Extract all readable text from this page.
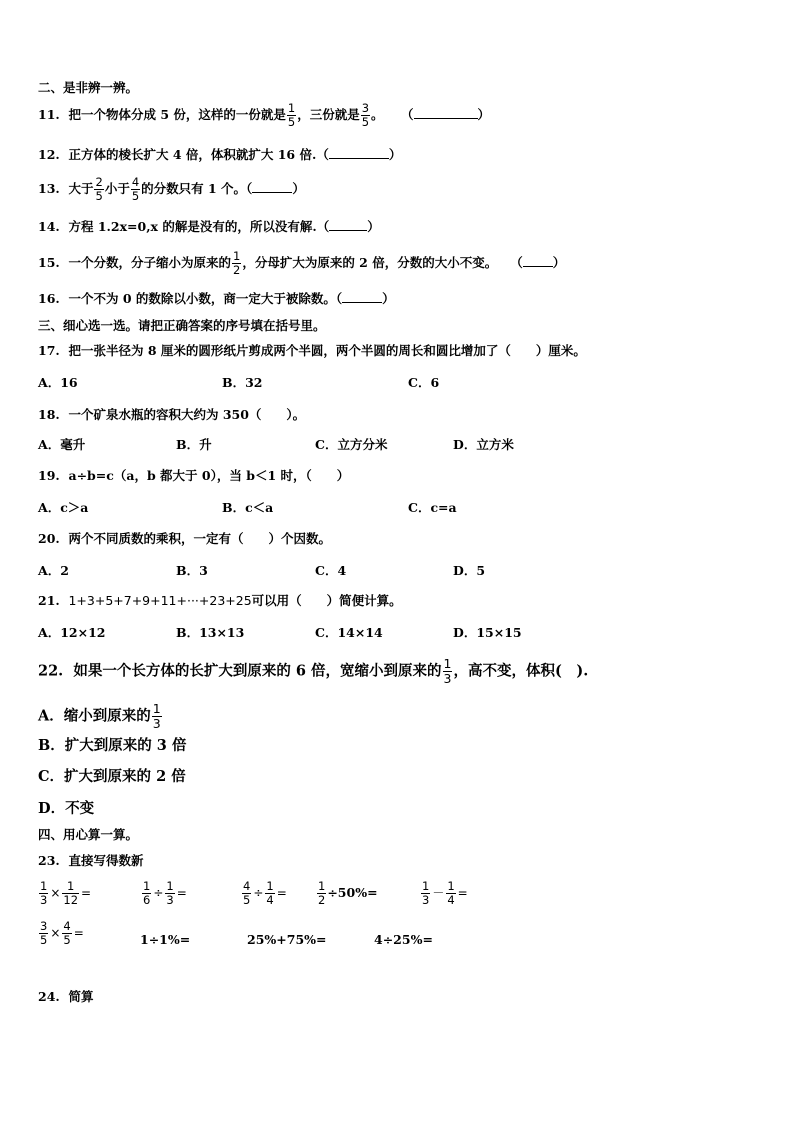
二、是非辨一辨。
11. 把一个物体分成 5 份，这样的一份就是 $\frac{1}{5}$ ，三份就是 $\frac{3}{5}$ 。 （	）
12. 正方体的棱长扩大 4 倍，体积就扩大 16 倍.（	）
13. 大于 $\frac{2}{5}$ 小于 $\frac{4}{5}$ 的分数只有 1 个。（	）
14. 方程 1.2x=0,x 的解是没有的，所以没有解.（	）
15. 一个分数，分子缩小为原来的 $\frac{1}{2}$ ，分母扩大为原来的 2 倍，分数的大小不变。 （ ）
16. 一个不为 0 的数除以小数，商一定大于被除数。（	）
三、细心选一选。请把正确答案的序号填在括号里。
17. 把一张半径为 8 厘米的圆形纸片剪成两个半圆，两个半圆的周长和圆比增加了（　　）厘米。
A．16	B．32	C．6
18. 一个矿泉水瓶的容积大约为 350（　　）。
A．毫升	B．升	C．立方分米	D．立方米
19. a÷b=c（a，b 都大于 0），当 b＜1 时，（　　）
A．c＞a	B．c＜a	C．c=a
20. 两个不同质数的乘积，一定有（　　）个因数。
A．2	B．3	C．4	D．5
21. 1+3+5+7+9+11+···+23+25可以用（　　）简便计算。
A．12×12	B．13×13	C．14×14	D．15×15
22. 如果一个长方体的长扩大到原来的 6 倍，宽缩小到原来的 $\frac{1}{3}$ ，高不变，体积(　).
A．缩小到原来的 $\frac{1}{3}$
B．扩大到原来的 3 倍
C．扩大到原来的 2 倍
D．不变
四、用心算一算。
23. 直接写得数新
$\frac{1}{3} \times \frac{1}{12}$ =	$\frac{1}{6} \div \frac{1}{3}$ =	$\frac{4}{5} \div \frac{1}{4}$ =	$\frac{1}{2} \div 50\%=$	$\frac{1}{3} - \frac{1}{4}$ =
$\frac{3}{5} \times \frac{4}{5}$ =	1÷1%=	25%+75%=	4÷25%=
24. 简算
